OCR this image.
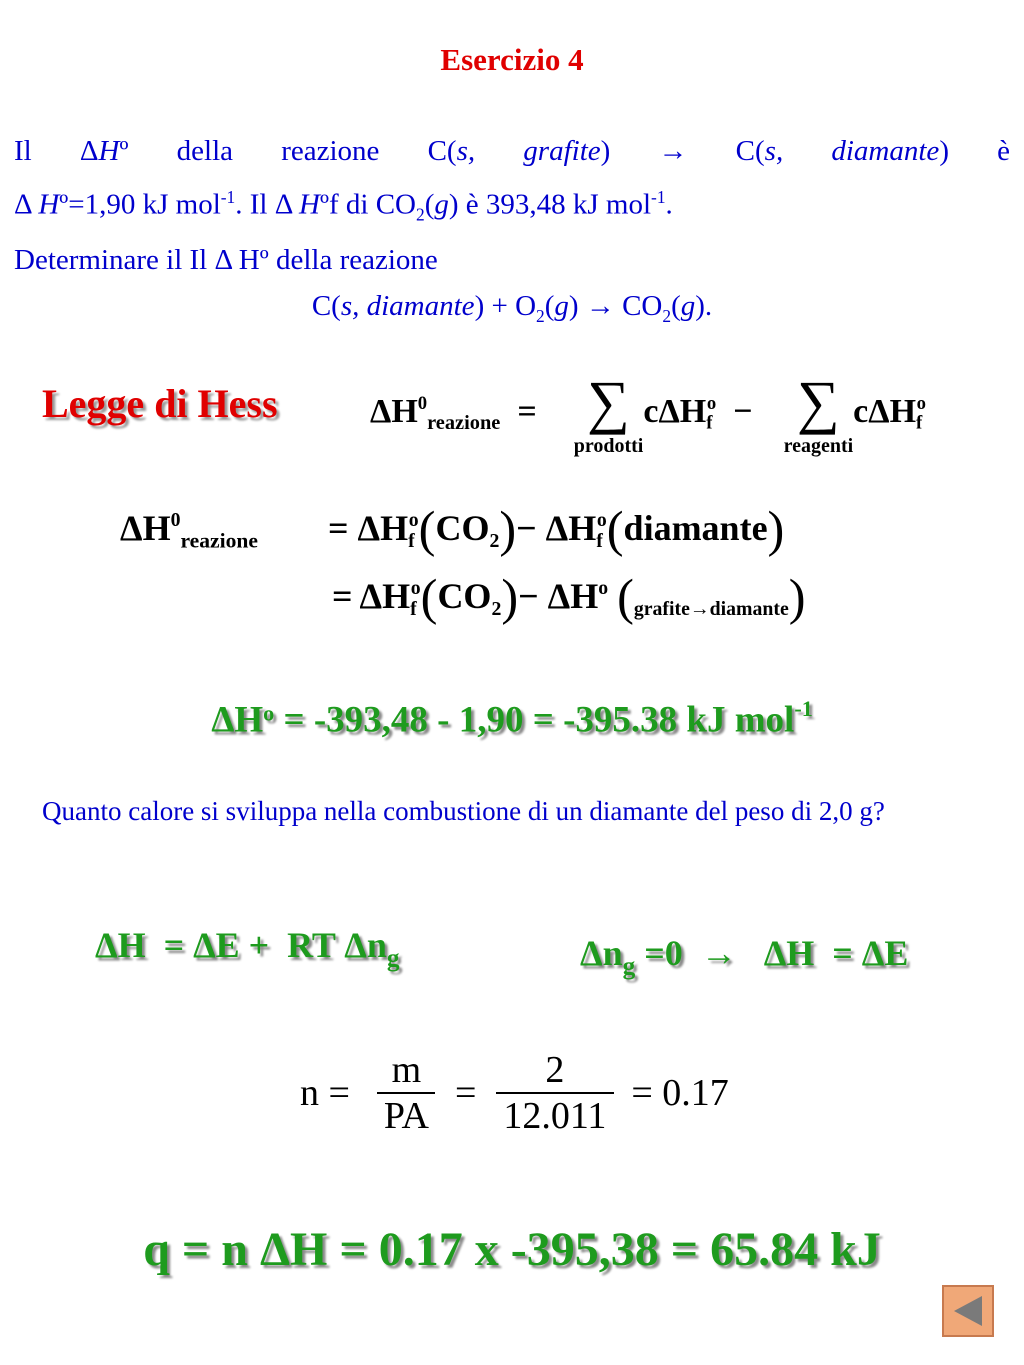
Esercizio 4
Il ΔHº della reazione C(s, grafite) → C(s, diamante) è
Δ Hº=1,90 kJ mol$^{-1}$. Il Δ Hºf di $CO_2(g)$ è 393,48 kJ mol$^{-1}$.
Determinare il Il Δ Hº della reazione
C(s, diamante) + $O_2(g) \to CO_2(g)$.
Legge di Hess	$\Delta H^0_{reazione}$  =  ∑
prodotti
cΔH$_f^o$  −  ∑
reagenti
cΔH$_f^o$
$\Delta H^0_{reazione} = \Delta H_f^o(CO_2)-$ $\Delta H_f^o(diamante)$
= $\Delta H_f^o(CO_2)- \Delta H^o$ $(_{grafite\to diamante})$
$\Delta H^o = -393,48 - 1,90 = -395.38$ kJ mol$^{-1}$
Quanto calore si sviluppa nella combustione di un diamante del peso di 2,0 g?
ΔH  = ΔE +  RT $\Delta n_g$	$\Delta n_g =0 \to \Delta H = \Delta E$
$n = \frac{m}{PA} = \frac{2}{12.011} = 0.17$
q = n ΔH = 0.17 x -395,38 = 65.84 kJ
